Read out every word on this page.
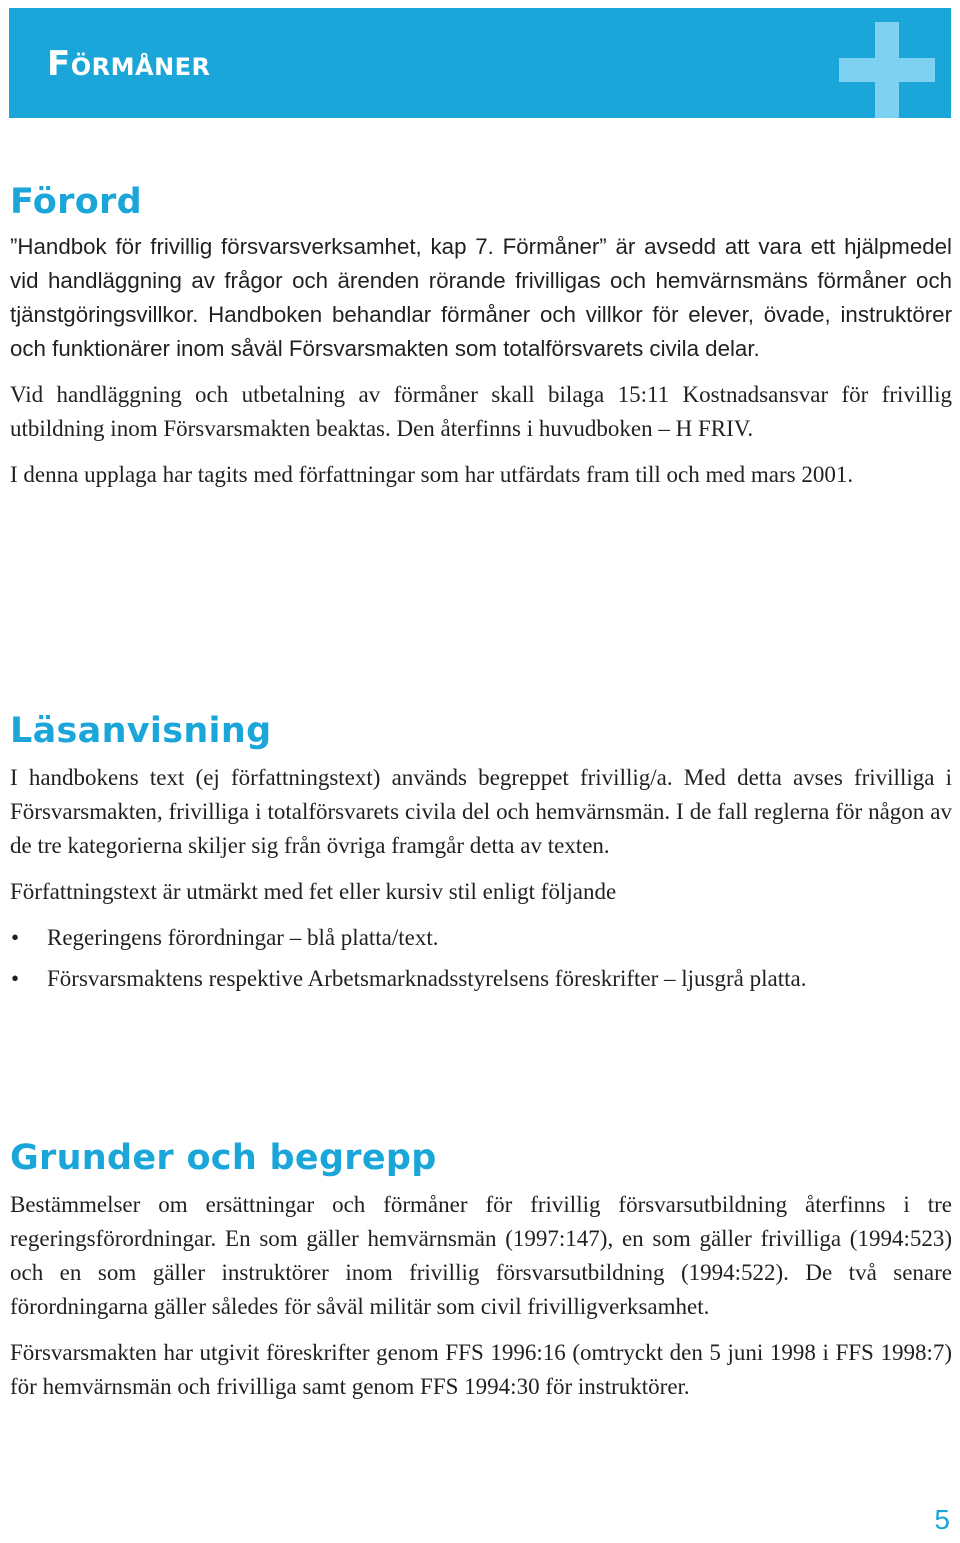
Förmåner
Förord

”Handbok för frivillig försvarsverksamhet, kap 7. Förmåner” är avsedd att vara ett hjälpmedel vid handläggning av frågor och ärenden rörande frivilligas och hemvärnsmäns förmåner och tjänstgöringsvillkor. Handboken behandlar förmåner och villkor för elever, övade, instruktörer och funktionärer inom såväl Försvarsmakten som totalförsvarets civila delar.

Vid handläggning och utbetalning av förmåner skall bilaga 15:11 Kostnadsansvar för frivillig utbildning inom Försvarsmakten beaktas. Den återfinns i huvudboken – H FRIV.

I denna upplaga har tagits med författningar som har utfärdats fram till och med mars 2001.

Läsanvisning

I handbokens text (ej författningstext) används begreppet frivillig/a. Med detta avses frivilliga i Försvarsmakten, frivilliga i totalförsvarets civila del och hemvärnsmän. I de fall reglerna för någon av de tre kategorierna skiljer sig från övriga framgår detta av texten.

Författningstext är utmärkt med fet eller kursiv stil enligt följande

• Regeringens förordningar – blå platta/text.
• Försvarsmaktens respektive Arbetsmarknadsstyrelsens föreskrifter – ljusgrå platta.
Grunder och begrepp

Bestämmelser om ersättningar och förmåner för frivillig försvarsutbildning återfinns i tre regeringsförordningar. En som gäller hemvärnsmän (1997:147), en som gäller frivilliga (1994:523) och en som gäller instruktörer inom frivillig försvarsutbildning (1994:522). De två senare förordningarna gäller således för såväl militär som civil frivilligverksamhet.

Försvarsmakten har utgivit föreskrifter genom FFS 1996:16 (omtryckt den 5 juni 1998 i FFS 1998:7) för hemvärnsmän och frivilliga samt genom FFS 1994:30 för instruktörer.

5
